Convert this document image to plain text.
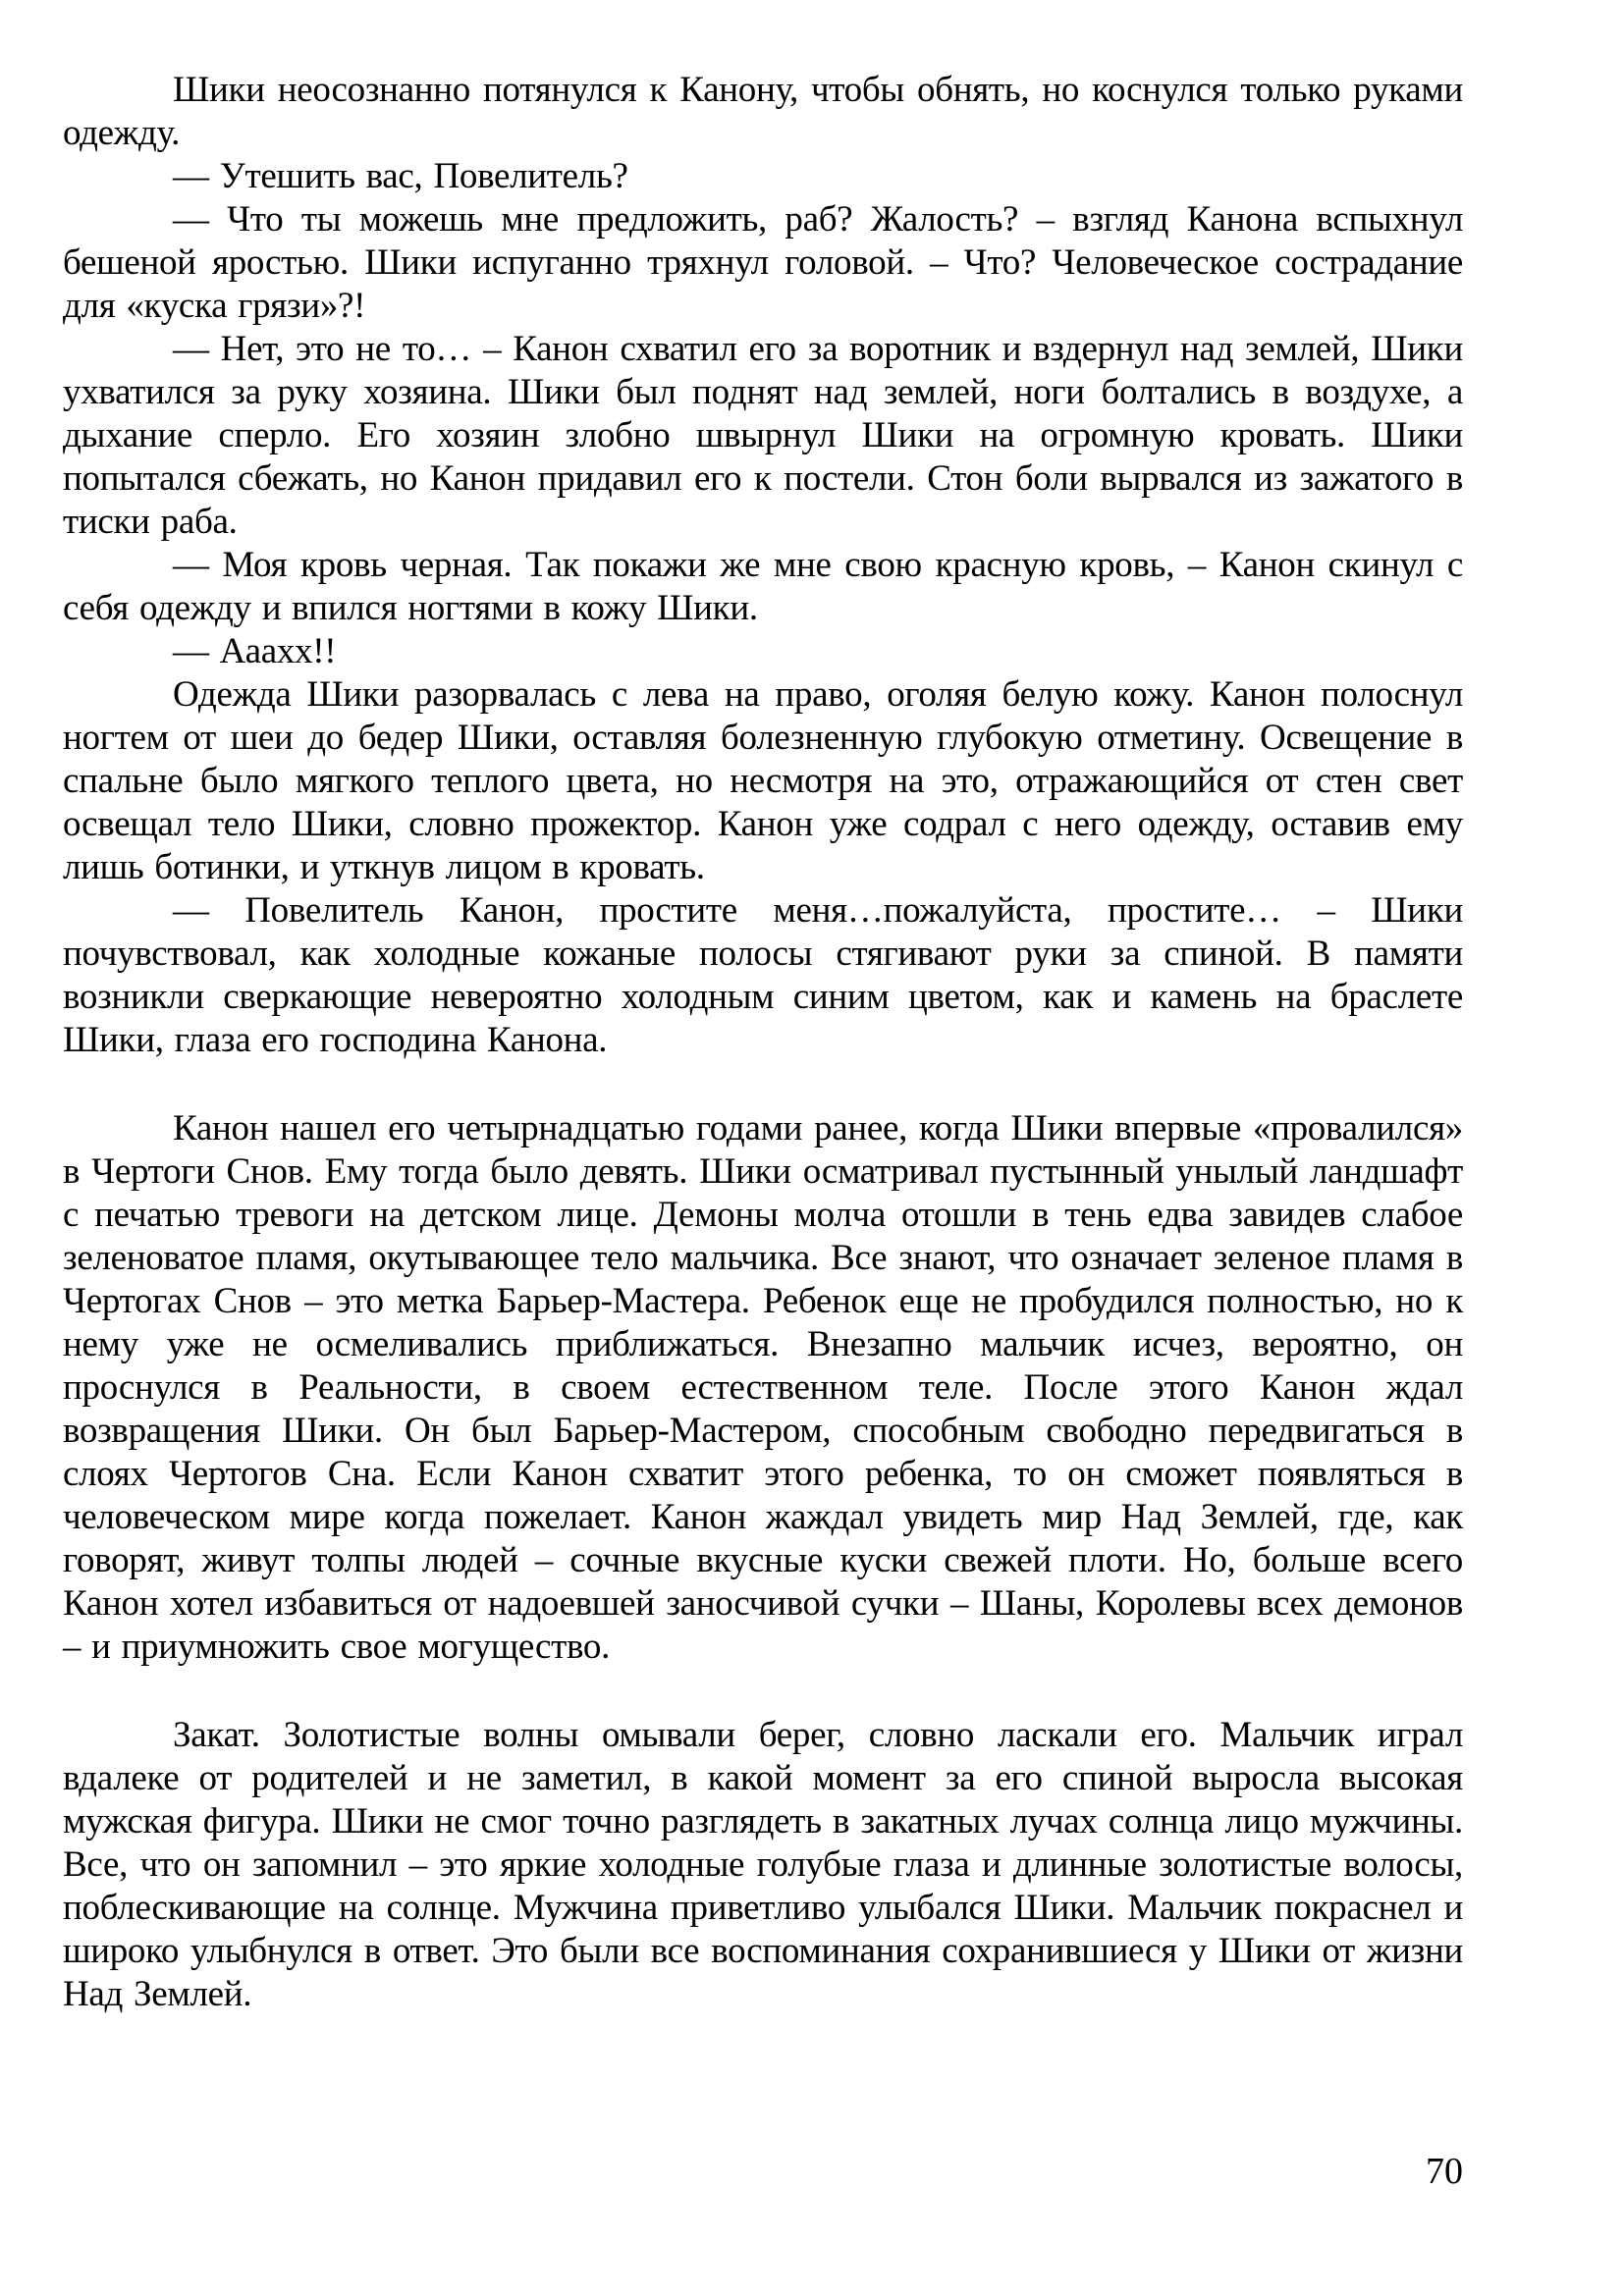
Шики неосознанно потянулся к Канону, чтобы обнять, но коснулся только руками одежду.

— Утешить вас, Повелитель?

— Что ты можешь мне предложить, раб? Жалость? – взгляд Канона вспыхнул бешеной яростью. Шики испуганно тряхнул головой. – Что? Человеческое сострадание для «куска грязи»?!

— Нет, это не то… – Канон схватил его за воротник и вздернул над землей, Шики ухватился за руку хозяина. Шики был поднят над землей, ноги болтались в воздухе, а дыхание сперло. Его хозяин злобно швырнул Шики на огромную кровать. Шики попытался сбежать, но Канон придавил его к постели. Стон боли вырвался из зажатого в тиски раба.

— Моя кровь черная. Так покажи же мне свою красную кровь, – Канон скинул с себя одежду и впился ногтями в кожу Шики.

— Ааахх!!

Одежда Шики разорвалась с лева на право, оголяя белую кожу. Канон полоснул ногтем от шеи до бедер Шики, оставляя болезненную глубокую отметину. Освещение в спальне было мягкого теплого цвета, но несмотря на это, отражающийся от стен свет освещал тело Шики, словно прожектор. Канон уже содрал с него одежду, оставив ему лишь ботинки, и уткнув лицом в кровать.

— Повелитель Канон, простите меня…пожалуйста, простите… – Шики почувствовал, как холодные кожаные полосы стягивают руки за спиной. В памяти возникли сверкающие невероятно холодным синим цветом, как и камень на браслете Шики, глаза его господина Канона.

Канон нашел его четырнадцатью годами ранее, когда Шики впервые «провалился» в Чертоги Снов. Ему тогда было девять. Шики осматривал пустынный унылый ландшафт с печатью тревоги на детском лице. Демоны молча отошли в тень едва завидев слабое зеленоватое пламя, окутывающее тело мальчика. Все знают, что означает зеленое пламя в Чертогах Снов – это метка Барьер-Мастера. Ребенок еще не пробудился полностью, но к нему уже не осмеливались приближаться. Внезапно мальчик исчез, вероятно, он проснулся в Реальности, в своем естественном теле. После этого Канон ждал возвращения Шики. Он был Барьер-Мастером, способным свободно передвигаться в слоях Чертогов Сна. Если Канон схватит этого ребенка, то он сможет появляться в человеческом мире когда пожелает. Канон жаждал увидеть мир Над Землей, где, как говорят, живут толпы людей – сочные вкусные куски свежей плоти. Но, больше всего Канон хотел избавиться от надоевшей заносчивой сучки – Шаны, Королевы всех демонов – и приумножить свое могущество.

Закат. Золотистые волны омывали берег, словно ласкали его. Мальчик играл вдалеке от родителей и не заметил, в какой момент за его спиной выросла высокая мужская фигура. Шики не смог точно разглядеть в закатных лучах солнца лицо мужчины. Все, что он запомнил – это яркие холодные голубые глаза и длинные золотистые волосы, поблескивающие на солнце. Мужчина приветливо улыбался Шики. Мальчик покраснел и широко улыбнулся в ответ. Это были все воспоминания сохранившиеся у Шики от жизни Над Землей.

70
